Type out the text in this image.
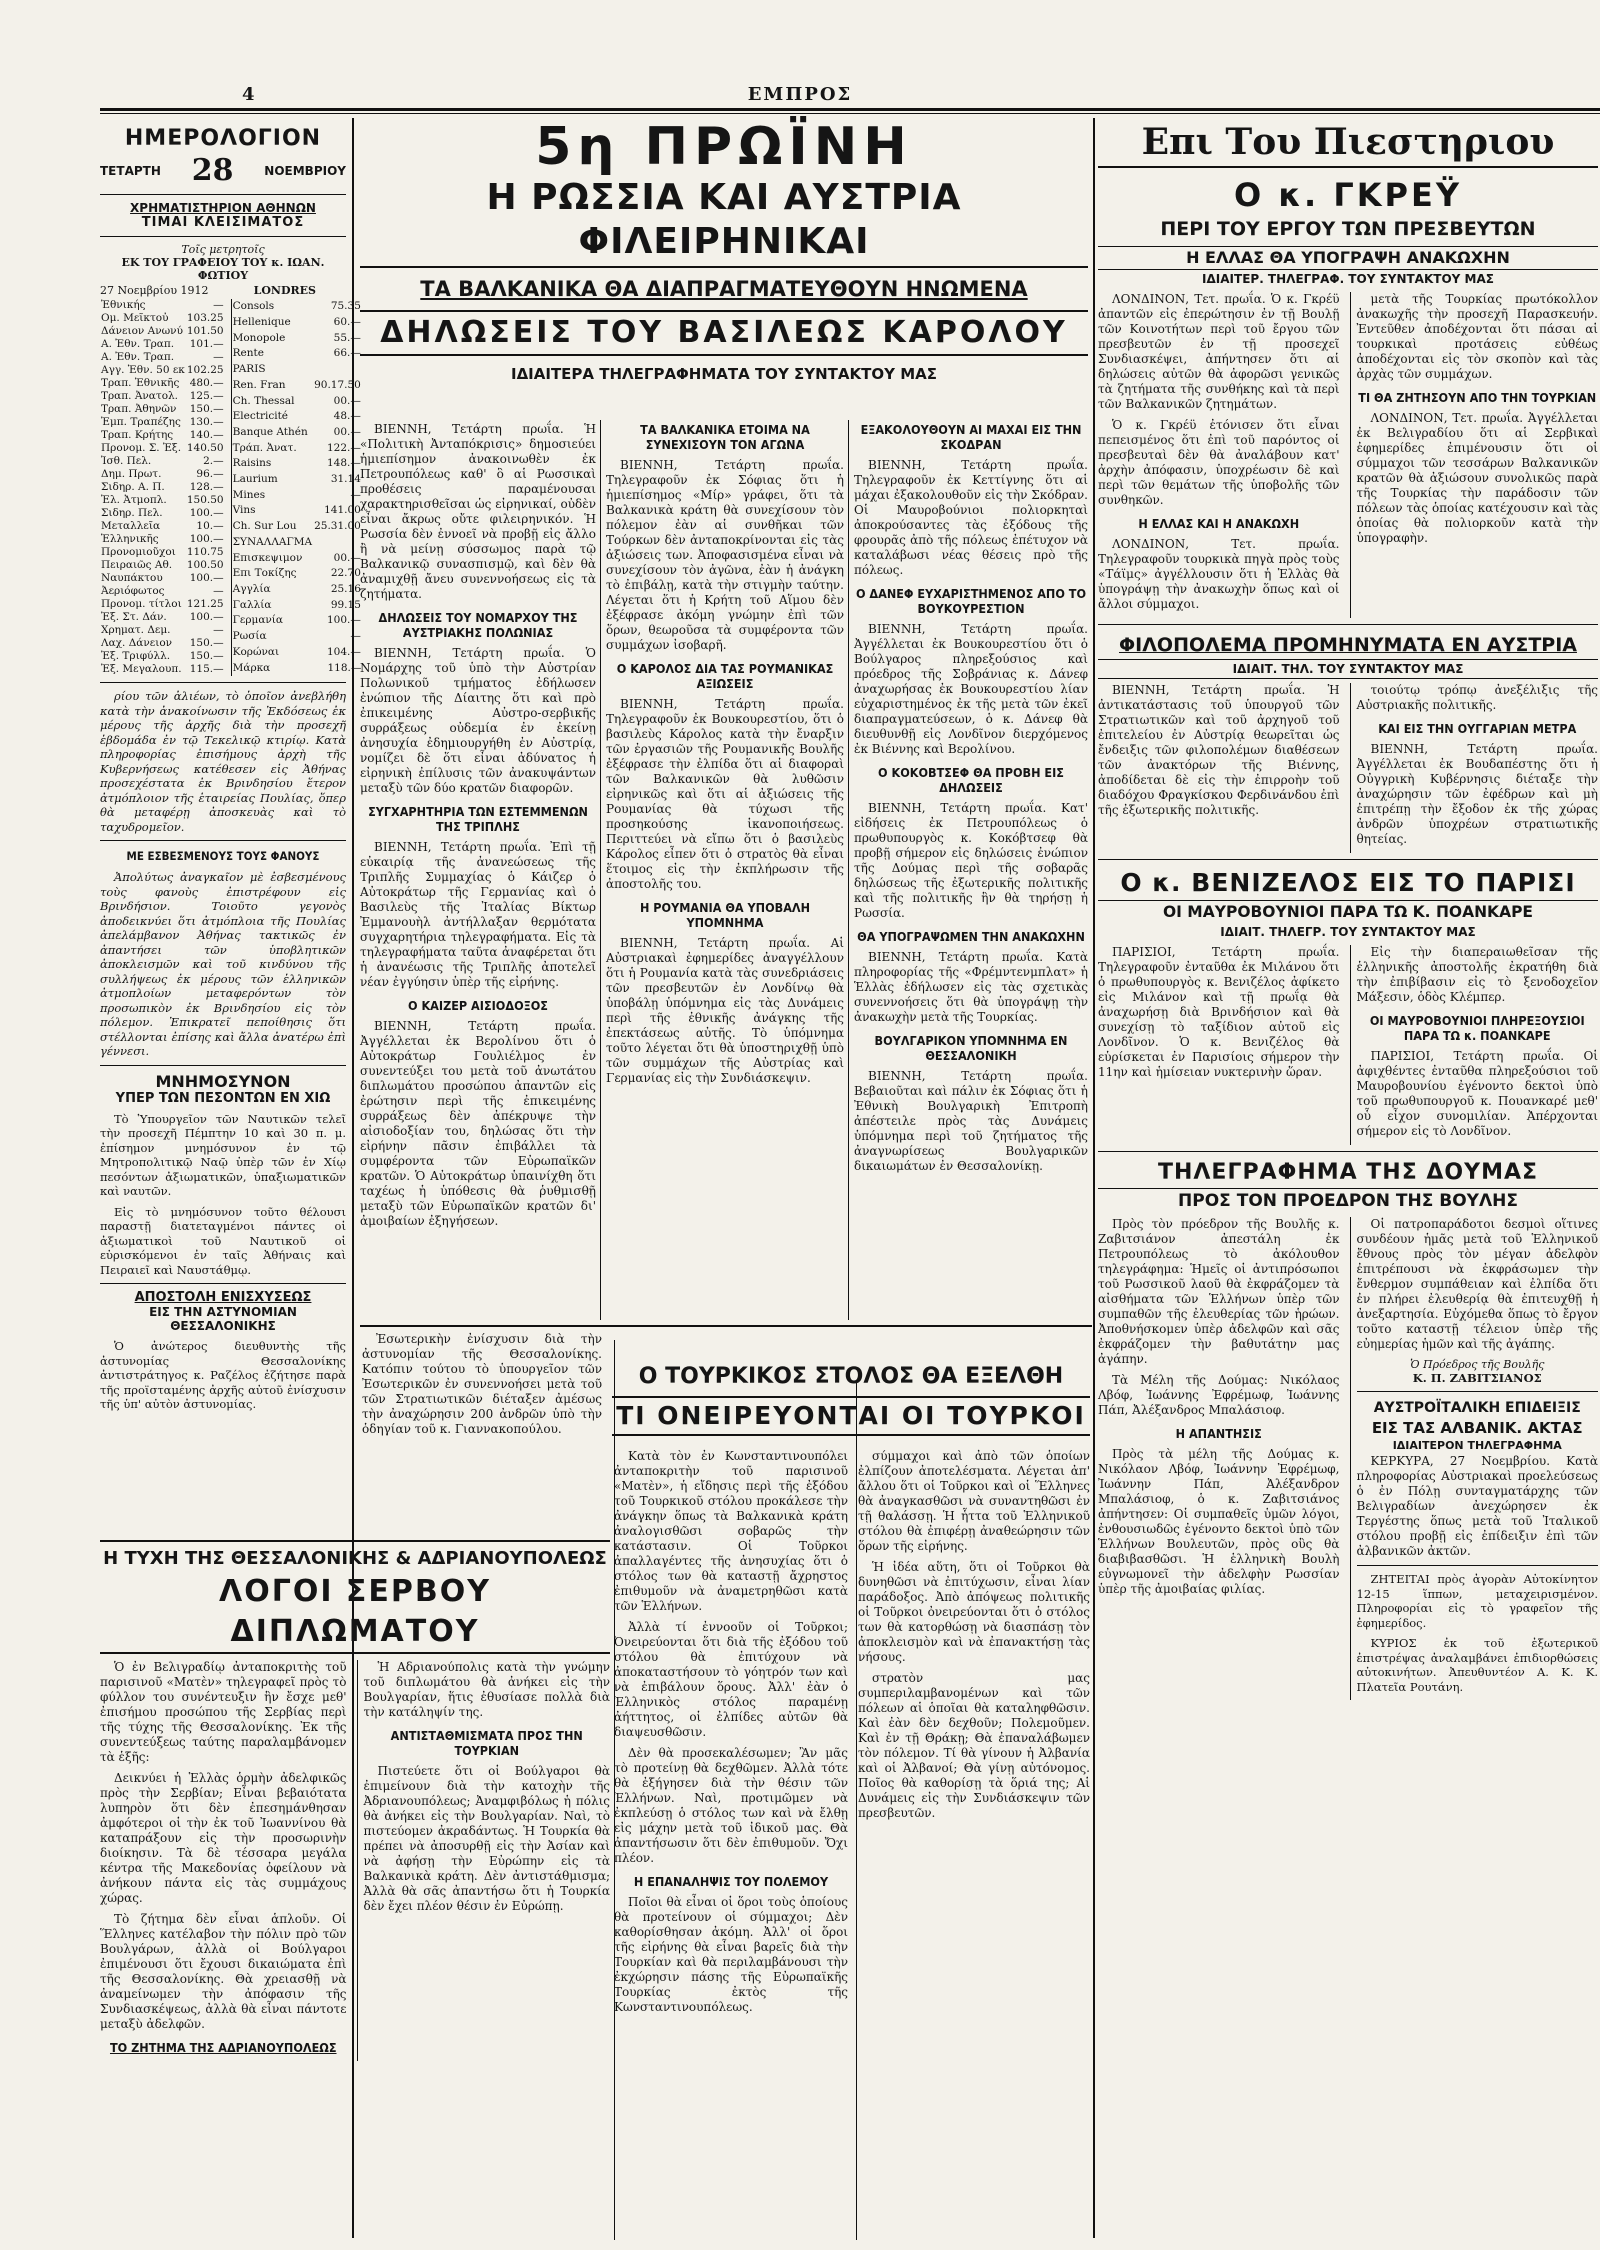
4	ΕΜΠΡΟΣ
ΗΜΕΡΟΛΟΓΙΟΝ
ΤΕΤΑΡΤΗ 28	ΝΟΕΜΒΡΙΟΥ
ΧΡΗΜΑΤΙΣΤΗΡΙΟΝ ΑΘΗΝΩΝ
ΤΙΜΑΙ ΚΛΕΙΣΙΜΑΤΟΣ
Τοῖς μετρητοῖς
ΕΚ ΤΟΥ ΓΡΑΦΕΙΟΥ ΤΟΥ κ. ΙΩΑΝ. ΦΩΤΙΟΥ
27 Νοεμβρίου 1912	LONDRES
Ἐθνικής	—
Ομ. Μεῖκτοὐ	103.25
Δάνειον Ανωνύ	101.50
Α. Ἐθν. Τραπ.	101.—
Α. Ἐθν. Τραπ.	—
Αγγ. Ἐθν. 50 εκ	102.25
Τραπ. Ἐθνικῆς	480.—
Τραπ. Ἀνατολ.	125.—
Τραπ. Ἀθηνῶν	150.—
Ἐμπ. Τραπέζης	130.—
Τραπ. Κρήτης	140.—
Προνομ. Σ. Ἐξ.	140.50
Ἰσθ. Πελ.	2.—
Δημ. Πρωτ.	96.—
Σιδηρ. Α. Π.	128.—
Ἐλ. Ἀτμοπλ.	150.50
Σιδηρ. Πελ.	100.—
Μεταλλεῖα	10.—
Ἑλληνικῆς	100.—
Προνομιοῦχοι	110.75
Πειραιῶς Αθ.	100.50
Ναυπάκτου	100.—
Ἀεριόφωτος	—
Προνομ. τίτλοι	121.25
Ἐξ. Στ. Δάν.	100.—
Χρηματ. Δεμ.	—
Λαχ. Δάνειον	150.—
Ἐξ. Τριφύλλ.	150.—
Ἐξ. Μεγαλουπ.	115.—
Consols	75.35
Hellenique	60.—
Monopole	55.—
Rente	66.—
PARIS	
Ren. Fran	90.17.50

Ch. Thessal	00.—
Electricité	48.—
Banque Athén	00.—
Τράπ. Ἀνατ.	122.—
Raisins	148.—
Laurium	31.14
Mines	—
Vins	141.00
Ch. Sur Lou	25.31.00
ΣΥΝΑΛΛΑΓΜΑ	
Επισκεψιμον	00.—
Επι Τοκίζης	22.70
Αγγλία	25.16
Γαλλία	99.15
Γερμανία	100.—
Ρωσία	—
Κορώναι	104.—
Μάρκα	118.—

ρίου τῶν ἀλιέων, τὸ ὁποῖον ἀνεβλήθη κατὰ τὴν ἀνακοίνωσιν τῆς Ἐκδόσεως ἐκ μέρους τῆς ἀρχῆς διὰ τὴν προσεχῆ ἑβδομάδα ἐν τῷ Τεκελικῷ κτιρίῳ. Κατὰ πληροφορίας ἐπισήμους ἀρχὴ τῆς Κυβερνήσεως κατέθεσεν εἰς Ἀθήνας προσεχέστατα ἐκ Βρινδησίου ἕτερον ἀτμόπλοιον τῆς ἑταιρείας Πουλίας, ὅπερ θὰ μεταφέρῃ ἀποσκευὰς καὶ τὸ ταχυδρομεῖον.

ΜΕ ΕΣΒΕΣΜΕΝΟΥΣ ΤΟΥΣ ΦΑΝΟΥΣ

Ἀπολύτως ἀναγκαῖον μὲ ἐσβεσμένους τοὺς φανοὺς ἐπιστρέφουν εἰς Βρινδήσιον. Τοιοῦτο γεγονὸς ἀποδεικνύει ὅτι ἀτμόπλοια τῆς Πουλίας ἀπελάμβανον Ἀθήνας τακτικῶς ἐν ἀπαντήσει τῶν ὑποβλητικῶν ἀποκλεισμῶν καὶ τοῦ κινδύνου τῆς συλλήψεως ἐκ μέρους τῶν ἑλληνικῶν ἀτμοπλοίων μεταφερόντων τὸν προσωπικὸν ἐκ Βρινδησίου εἰς τὸν πόλεμον. Ἐπικρατεῖ πεποίθησις ὅτι στέλλονται ἐπίσης καὶ ἄλλα ἀνατέρω ἐπὶ γέννεσι.

ΜΝΗΜΟΣΥΝΟΝ
ΥΠΕΡ ΤΩΝ ΠΕΣΟΝΤΩΝ ΕΝ ΧΙΩ

Τὸ Ὑπουργεῖον τῶν Ναυτικῶν τελεῖ τὴν προσεχῆ Πέμπτην 10 καὶ 30 π. μ. ἐπίσημον μνημόσυνον ἐν τῷ Μητροπολιτικῷ Ναῷ ὑπὲρ τῶν ἐν Χίῳ πεσόντων ἀξιωματικῶν, ὑπαξιωματικῶν καὶ ναυτῶν.

Εἰς τὸ μνημόσυνον τοῦτο θέλουσι παραστῇ διατεταγμένοι πάντες οἱ ἀξιωματικοὶ τοῦ Ναυτικοῦ οἱ εὑρισκόμενοι ἐν ταῖς Ἀθήναις καὶ Πειραιεῖ καὶ Ναυστάθμῳ.

ΑΠΟΣΤΟΛΗ ΕΝΙΣΧΥΣΕΩΣ
ΕΙΣ ΤΗΝ ΑΣΤΥΝΟΜΙΑΝ ΘΕΣΣΑΛΟΝΙΚΗΣ

Ὁ ἀνώτερος διευθυντὴς τῆς ἀστυνομίας Θεσσαλονίκης ἀντιστράτηγος κ. Ραζέλος ἐζήτησε παρὰ τῆς προϊσταμένης ἀρχῆς αὐτοῦ ἐνίσχυσιν τῆς ὑπ' αὐτὸν ἀστυνομίας.

5η ΠΡΩΪΝΗ
Η ΡΩΣΣΙΑ ΚΑΙ ΑΥΣΤΡΙΑ ΦΙΛΕΙΡΗΝΙΚΑΙ
ΤΑ ΒΑΛΚΑΝΙΚΑ ΘΑ ΔΙΑΠΡΑΓΜΑΤΕΥΘΟΥΝ ΗΝΩΜΕΝΑ
ΔΗΛΩΣΕΙΣ ΤΟΥ ΒΑΣΙΛΕΩΣ ΚΑΡΟΛΟΥ
ΙΔΙΑΙΤΕΡΑ ΤΗΛΕΓΡΑΦΗΜΑΤΑ ΤΟΥ ΣΥΝΤΑΚΤΟΥ ΜΑΣ

ΒΙΕΝΝΗ, Τετάρτη πρωΐα. Ἡ «Πολιτικὴ Ἀνταπόκρισις» δημοσιεύει ἡμιεπίσημον ἀνακοινωθὲν ἐκ Πετρουπόλεως καθ' ὃ αἱ Ρωσσικαὶ προθέσεις παραμένουσαι χαρακτηρισθεῖσαι ὡς εἰρηνικαί, οὐδὲν εἶναι ἄκρως οὔτε φιλειρηνικόν. Ἡ Ρωσσία δὲν ἐννοεῖ νὰ προβῇ εἰς ἄλλο ἢ νὰ μείνῃ σύσσωμος παρὰ τῷ Βαλκανικῷ συνασπισμῷ, καὶ δὲν θὰ ἀναμιχθῇ ἄνευ συνεννοήσεως εἰς τὰ ζητήματα.

ΔΗΛΩΣΕΙΣ ΤΟΥ ΝΟΜΑΡΧΟΥ ΤΗΣ ΑΥΣΤΡΙΑΚΗΣ ΠΟΛΩΝΙΑΣ

ΒΙΕΝΝΗ, Τετάρτη πρωΐα. Ὁ Νομάρχης τοῦ ὑπὸ τὴν Αὐστρίαν Πολωνικοῦ τμήματος ἐδήλωσεν ἐνώπιον τῆς Δίαιτης ὅτι καὶ πρὸ ἐπικειμένης Αὐστρο-σερβικῆς συρράξεως οὐδεμία ἐν ἐκείνῃ ἀνησυχία ἐδημιουργήθη ἐν Αὐστρίᾳ, νομίζει δὲ ὅτι εἶναι ἀδύνατος ἡ εἰρηνικὴ ἐπίλυσις τῶν ἀνακυψάντων μεταξὺ τῶν δύο κρατῶν διαφορῶν.

ΣΥΓΧΑΡΗΤΗΡΙΑ ΤΩΝ ΕΣΤΕΜΜΕΝΩΝ ΤΗΣ ΤΡΙΠΛΗΣ

ΒΙΕΝΝΗ, Τετάρτη πρωΐα. Ἐπὶ τῇ εὐκαιρίᾳ τῆς ἀνανεώσεως τῆς Τριπλῆς Συμμαχίας ὁ Κάιζερ ὁ Αὐτοκράτωρ τῆς Γερμανίας καὶ ὁ Βασιλεὺς τῆς Ἰταλίας Βίκτωρ Ἐμμανουὴλ ἀντήλλαξαν θερμότατα συγχαρητήρια τηλεγραφήματα. Εἰς τὰ τηλεγραφήματα ταῦτα ἀναφέρεται ὅτι ἡ ἀνανέωσις τῆς Τριπλῆς ἀποτελεῖ νέαν ἐγγύησιν ὑπὲρ τῆς εἰρήνης.

Ο ΚΑΙΖΕΡ ΑΙΣΙΟΔΟΞΟΣ

ΒΙΕΝΝΗ, Τετάρτη πρωΐα. Ἀγγέλλεται ἐκ Βερολίνου ὅτι ὁ Αὐτοκράτωρ Γουλιέλμος ἐν συνεντεύξει του μετὰ τοῦ ἀνωτάτου διπλωμάτου προσώπου ἀπαντῶν εἰς ἐρώτησιν περὶ τῆς ἐπικειμένης συρράξεως δὲν ἀπέκρυψε τὴν αἰσιοδοξίαν του, δηλώσας ὅτι τὴν εἰρήνην πᾶσιν ἐπιβάλλει τὰ συμφέροντα τῶν Εὐρωπαϊκῶν κρατῶν. Ὁ Αὐτοκράτωρ ὑπαινίχθη ὅτι ταχέως ἡ ὑπόθεσις θὰ ῥυθμισθῇ μεταξὺ τῶν Εὐρωπαϊκῶν κρατῶν δι' ἀμοιβαίων ἐξηγήσεων.

ΤΑ ΒΑΛΚΑΝΙΚΑ ΕΤΟΙΜΑ ΝΑ ΣΥΝΕΧΙΣΟΥΝ ΤΟΝ ΑΓΩΝΑ

ΒΙΕΝΝΗ, Τετάρτη πρωΐα. Τηλεγραφοῦν ἐκ Σόφιας ὅτι ἡ ἡμιεπίσημος «Μίρ» γράφει, ὅτι τὰ Βαλκανικὰ κράτη θὰ συνεχίσουν τὸν πόλεμον ἐὰν αἱ συνθῆκαι τῶν Τούρκων δὲν ἀνταποκρίνονται εἰς τὰς ἀξιώσεις των. Ἀποφασισμένα εἶναι νὰ συνεχίσουν τὸν ἀγῶνα, ἐὰν ἡ ἀνάγκη τὸ ἐπιβάλῃ, κατὰ τὴν στιγμὴν ταύτην. Λέγεται ὅτι ἡ Κρήτη τοῦ Αἵμου δὲν ἐξέφρασε ἀκόμη γνώμην ἐπὶ τῶν ὅρων, θεωροῦσα τὰ συμφέροντα τῶν συμμάχων ἰσοβαρῆ.

Ο ΚΑΡΟΛΟΣ ΔΙΑ ΤΑΣ ΡΟΥΜΑΝΙΚΑΣ ΑΞΙΩΣΕΙΣ

ΒΙΕΝΝΗ, Τετάρτη πρωΐα. Τηλεγραφοῦν ἐκ Βουκουρεστίου, ὅτι ὁ βασιλεὺς Κάρολος κατὰ τὴν ἔναρξιν τῶν ἐργασιῶν τῆς Ρουμανικῆς Βουλῆς ἐξέφρασε τὴν ἐλπίδα ὅτι αἱ διαφοραὶ τῶν Βαλκανικῶν θὰ λυθῶσιν εἰρηνικῶς καὶ ὅτι αἱ ἀξιώσεις τῆς Ρουμανίας θὰ τύχωσι τῆς προσηκούσης ἱκανοποιήσεως. Περιττεύει νὰ εἴπω ὅτι ὁ βασιλεὺς Κάρολος εἶπεν ὅτι ὁ στρατὸς θὰ εἶναι ἕτοιμος εἰς τὴν ἐκπλήρωσιν τῆς ἀποστολῆς του.

Η ΡΟΥΜΑΝΙΑ ΘΑ ΥΠΟΒΑΛΗ ΥΠΟΜΝΗΜΑ

ΒΙΕΝΝΗ, Τετάρτη πρωΐα. Αἱ Αὐστριακαὶ ἐφημερίδες ἀναγγέλλουν ὅτι ἡ Ρουμανία κατὰ τὰς συνεδριάσεις τῶν πρεσβευτῶν ἐν Λονδίνῳ θὰ ὑποβάλῃ ὑπόμνημα εἰς τὰς Δυνάμεις περὶ τῆς ἐθνικῆς ἀνάγκης τῆς ἐπεκτάσεως αὐτῆς. Τὸ ὑπόμνημα τοῦτο λέγεται ὅτι θὰ ὑποστηριχθῇ ὑπὸ τῶν συμμάχων τῆς Αὐστρίας καὶ Γερμανίας εἰς τὴν Συνδιάσκεψιν.

ΕΞΑΚΟΛΟΥΘΟΥΝ ΑΙ ΜΑΧΑΙ ΕΙΣ ΤΗΝ ΣΚΟΔΡΑΝ

ΒΙΕΝΝΗ, Τετάρτη πρωΐα. Τηλεγραφοῦν ἐκ Κεττίγνης ὅτι αἱ μάχαι ἐξακολουθοῦν εἰς τὴν Σκόδραν. Οἱ Μαυροβούνιοι πολιορκηταὶ ἀποκρούσαντες τὰς ἐξόδους τῆς φρουρᾶς ἀπὸ τῆς πόλεως ἐπέτυχον νὰ καταλάβωσι νέας θέσεις πρὸ τῆς πόλεως.

Ο ΔΑΝΕΦ ΕΥΧΑΡΙΣΤΗΜΕΝΟΣ ΑΠΟ ΤΟ ΒΟΥΚΟΥΡΕΣΤΙΟΝ

ΒΙΕΝΝΗ, Τετάρτη πρωΐα. Ἀγγέλλεται ἐκ Βουκουρεστίου ὅτι ὁ Βούλγαρος πληρεξούσιος καὶ πρόεδρος τῆς Σοβράνιας κ. Δάνεφ ἀναχωρήσας ἐκ Βουκουρεστίου λίαν εὐχαριστημένος ἐκ τῆς μετὰ τῶν ἐκεῖ διαπραγματεύσεων, ὁ κ. Δάνεφ θὰ διευθυνθῇ εἰς Λονδῖνον διερχόμενος ἐκ Βιέννης καὶ Βερολίνου.

Ο ΚΟΚΟΒΤΣΕΦ ΘΑ ΠΡΟΒΗ ΕΙΣ ΔΗΛΩΣΕΙΣ

ΒΙΕΝΝΗ, Τετάρτη πρωΐα. Κατ' εἰδήσεις ἐκ Πετρουπόλεως ὁ πρωθυπουργὸς κ. Κοκόβτσεφ θὰ προβῇ σήμερον εἰς δηλώσεις ἐνώπιον τῆς Δούμας περὶ τῆς σοβαρᾶς δηλώσεως τῆς ἐξωτερικῆς πολιτικῆς καὶ τῆς πολιτικῆς ἣν θὰ τηρήσῃ ἡ Ρωσσία.

ΘΑ ΥΠΟΓΡΑΨΩΜΕΝ ΤΗΝ ΑΝΑΚΩΧΗΝ

ΒΙΕΝΝΗ, Τετάρτη πρωΐα. Κατὰ πληροφορίας τῆς «Φρέμντενμπλατ» ἡ Ἑλλὰς ἐδήλωσεν εἰς τὰς σχετικὰς συνεννοήσεις ὅτι θὰ ὑπογράψῃ τὴν ἀνακωχὴν μετὰ τῆς Τουρκίας.

ΒΟΥΛΓΑΡΙΚΟΝ ΥΠΟΜΝΗΜΑ ΕΝ ΘΕΣΣΑΛΟΝΙΚΗ

ΒΙΕΝΝΗ, Τετάρτη πρωΐα. Βεβαιοῦται καὶ πάλιν ἐκ Σόφιας ὅτι ἡ Ἐθνικὴ Βουλγαρικὴ Ἐπιτροπὴ ἀπέστειλε πρὸς τὰς Δυνάμεις ὑπόμνημα περὶ τοῦ ζητήματος τῆς ἀναγνωρίσεως Βουλγαρικῶν δικαιωμάτων ἐν Θεσσαλονίκῃ.

Η ΤΥΧΗ ΤΗΣ ΘΕΣΣΑΛΟΝΙΚΗΣ & ΑΔΡΙΑΝΟΥΠΟΛΕΩΣ
ΛΟΓΟΙ ΣΕΡΒΟΥ ΔΙΠΛΩΜΑΤΟΥ

Ὁ ἐν Βελιγραδίῳ ἀνταποκριτὴς τοῦ παρισινοῦ «Ματὲν» τηλεγραφεῖ πρὸς τὸ φύλλον του συνέντευξιν ἣν ἔσχε μεθ' ἐπισήμου προσώπου τῆς Σερβίας περὶ τῆς τύχης τῆς Θεσσαλονίκης. Ἐκ τῆς συνεντεύξεως ταύτης παραλαμβάνομεν τὰ ἑξῆς:

Δεικνύει ἡ Ἑλλὰς ὁρμὴν ἀδελφικῶς πρὸς τὴν Σερβίαν; Εἶναι βεβαιότατα λυπηρὸν ὅτι δὲν ἐπεσημάνθησαν ἀμφότεροι οἱ τὴν ἐκ τοῦ Ἰωαννίνου θὰ καταπράξουν εἰς τὴν προσωρινὴν διοίκησιν. Τὰ δὲ τέσσαρα μεγάλα κέντρα τῆς Μακεδονίας ὀφείλουν νὰ ἀνήκουν πάντα εἰς τὰς συμμάχους χώρας.

Τὸ ζήτημα δὲν εἶναι ἁπλοῦν. Οἱ Ἕλληνες κατέλαβον τὴν πόλιν πρὸ τῶν Βουλγάρων, ἀλλὰ οἱ Βούλγαροι ἐπιμένουσι ὅτι ἔχουσι δικαιώματα ἐπὶ τῆς Θεσσαλονίκης. Θὰ χρειασθῇ νὰ ἀναμείνωμεν τὴν ἀπόφασιν τῆς Συνδιασκέψεως, ἀλλὰ θὰ εἶναι πάντοτε μεταξὺ ἀδελφῶν.

ΤΟ ΖΗΤΗΜΑ ΤΗΣ ΑΔΡΙΑΝΟΥΠΟΛΕΩΣ

Ἡ Αδριανούπολις κατὰ τὴν γνώμην τοῦ διπλωμάτου θὰ ἀνήκει εἰς τὴν Βουλγαρίαν, ἥτις ἐθυσίασε πολλὰ διὰ τὴν κατάληψίν της.

ΑΝΤΙΣΤΑΘΜΙΣΜΑΤΑ ΠΡΟΣ ΤΗΝ ΤΟΥΡΚΙΑΝ

Πιστεύετε ὅτι οἱ Βούλγαροι θὰ ἐπιμείνουν διὰ τὴν κατοχὴν τῆς Ἀδριανουπόλεως; Ἀναμφιβόλως ἡ πόλις θὰ ἀνήκει εἰς τὴν Βουλγαρίαν. Ναὶ, τὸ πιστεύομεν ἀκραδάντως. Ἡ Τουρκία θὰ πρέπει νὰ ἀποσυρθῇ εἰς τὴν Ἀσίαν καὶ νὰ ἀφήσῃ τὴν Εὐρώπην εἰς τὰ Βαλκανικὰ κράτη. Δὲν ἀντιστάθμισμα; Ἀλλὰ θὰ σᾶς ἀπαντήσω ὅτι ἡ Τουρκία δὲν ἔχει πλέον θέσιν ἐν Εὐρώπῃ.

Ἐσωτερικὴν ἐνίσχυσιν διὰ τὴν ἀστυνομίαν τῆς Θεσσαλονίκης. Κατόπιν τούτου τὸ ὑπουργεῖον τῶν Ἐσωτερικῶν ἐν συνεννοήσει μετὰ τοῦ τῶν Στρατιωτικῶν διέταξεν ἀμέσως τὴν ἀναχώρησιν 200 ἀνδρῶν ὑπὸ τὴν ὁδηγίαν τοῦ κ. Γιαννακοπούλου.

Ο ΤΟΥΡΚΙΚΟΣ ΣΤΟΛΟΣ ΘΑ ΕΞΕΛΘΗ
ΤΙ ΟΝΕΙΡΕΥΟΝΤΑΙ ΟΙ ΤΟΥΡΚΟΙ

Κατὰ τὸν ἐν Κωνσταντινουπόλει ἀνταποκριτὴν τοῦ παρισινοῦ «Ματὲν», ἡ εἴδησις περὶ τῆς ἐξόδου τοῦ Τουρκικοῦ στόλου προκάλεσε τὴν ἀνάγκην ὅπως τὰ Βαλκανικὰ κράτη ἀναλογισθῶσι σοβαρῶς τὴν κατάστασιν. Οἱ Τοῦρκοι ἀπαλλαγέντες τῆς ἀνησυχίας ὅτι ὁ στόλος των θὰ καταστῇ ἄχρηστος ἐπιθυμοῦν νὰ ἀναμετρηθῶσι κατὰ τῶν Ἑλλήνων.

Ἀλλὰ τί ἐννοοῦν οἱ Τοῦρκοι; Ὀνειρεύονται ὅτι διὰ τῆς ἐξόδου τοῦ στόλου θὰ ἐπιτύχουν νὰ ἀποκαταστήσουν τὸ γόητρόν των καὶ νὰ ἐπιβάλουν ὅρους. Ἀλλ' ἐὰν ὁ Ἑλληνικὸς στόλος παραμένῃ ἀήττητος, οἱ ἐλπίδες αὐτῶν θὰ διαψευσθῶσιν.

Δὲν θὰ προσεκαλέσωμεν; Ἂν μᾶς τὸ προτείνῃ θὰ δεχθῶμεν. Ἀλλὰ τότε θὰ ἐξήγησεν διὰ τὴν θέσιν τῶν Ἑλλήνων. Ναὶ, προτιμῶμεν νὰ ἐκπλεύσῃ ὁ στόλος των καὶ νὰ ἔλθῃ εἰς μάχην μετὰ τοῦ ἰδικοῦ μας. Θὰ ἀπαντήσωσιν ὅτι δὲν ἐπιθυμοῦν. Ὄχι πλέον.

Η ΕΠΑΝΑΛΗΨΙΣ ΤΟΥ ΠΟΛΕΜΟΥ

Ποῖοι θὰ εἶναι οἱ ὅροι τοὺς ὁποίους θὰ προτείνουν οἱ σύμμαχοι; Δὲν καθορίσθησαν ἀκόμη. Ἀλλ' οἱ ὅροι τῆς εἰρήνης θὰ εἶναι βαρεῖς διὰ τὴν Τουρκίαν καὶ θὰ περιλαμβάνουσι τὴν ἐκχώρησιν πάσης τῆς Εὐρωπαϊκῆς Τουρκίας ἐκτὸς τῆς Κωνσταντινουπόλεως.

σύμμαχοι καὶ ἀπὸ τῶν ὁποίων ἐλπίζουν ἀποτελέσματα. Λέγεται ἀπ' ἄλλου ὅτι οἱ Τοῦρκοι καὶ οἱ Ἕλληνες θὰ ἀναγκασθῶσι νὰ συναντηθῶσι ἐν τῇ θαλάσσῃ. Ἡ ἧττα τοῦ Ἑλληνικοῦ στόλου θὰ ἐπιφέρῃ ἀναθεώρησιν τῶν ὅρων τῆς εἰρήνης.

Ἡ ἰδέα αὕτη, ὅτι οἱ Τοῦρκοι θὰ δυνηθῶσι νὰ ἐπιτύχωσιν, εἶναι λίαν παράδοξος. Ἀπὸ ἀπόψεως πολιτικῆς οἱ Τοῦρκοι ὀνειρεύονται ὅτι ὁ στόλος των θὰ κατορθώσῃ νὰ διασπάσῃ τὸν ἀποκλεισμὸν καὶ νὰ ἐπανακτήσῃ τὰς νήσους.

στρατὸν μας συμπεριλαμβανομένων καὶ τῶν πόλεων αἱ ὁποῖαι θὰ καταληφθῶσιν. Καὶ ἐὰν δὲν δεχθοῦν; Πολεμοῦμεν. Καὶ ἐν τῇ Θράκῃ; Θὰ ἐπαναλάβωμεν τὸν πόλεμον. Τί θὰ γίνουν ἡ Ἀλβανία καὶ οἱ Ἀλβανοί; Θὰ γίνῃ αὐτόνομος. Ποῖος θὰ καθορίσῃ τὰ ὅριά της; Αἱ Δυνάμεις εἰς τὴν Συνδιάσκεψιν τῶν πρεσβευτῶν.

Επι Του Πιεστηριου
Ο κ. ΓΚΡΕΫ
ΠΕΡΙ ΤΟΥ ΕΡΓΟΥ ΤΩΝ ΠΡΕΣΒΕΥΤΩΝ
Η ΕΛΛΑΣ ΘΑ ΥΠΟΓΡΑΨΗ ΑΝΑΚΩΧΗΝ
ΙΔΙΑΙΤΕΡ. ΤΗΛΕΓΡΑΦ. ΤΟΥ ΣΥΝΤΑΚΤΟΥ ΜΑΣ

ΛΟΝΔΙΝΟΝ, Τετ. πρωΐα. Ὁ κ. Γκρέϋ ἀπαντῶν εἰς ἐπερώτησιν ἐν τῇ Βουλῇ τῶν Κοινοτήτων περὶ τοῦ ἔργου τῶν πρεσβευτῶν ἐν τῇ προσεχεῖ Συνδιασκέψει, ἀπήντησεν ὅτι αἱ δηλώσεις αὐτῶν θὰ ἀφορῶσι γενικῶς τὰ ζητήματα τῆς συνθήκης καὶ τὰ περὶ τῶν Βαλκανικῶν ζητημάτων.

Ὁ κ. Γκρέϋ ἐτόνισεν ὅτι εἶναι πεπεισμένος ὅτι ἐπὶ τοῦ παρόντος οἱ πρεσβευταὶ δὲν θὰ ἀναλάβουν κατ' ἀρχὴν ἀπόφασιν, ὑποχρέωσιν δὲ καὶ περὶ τῶν θεμάτων τῆς ὑποβολῆς τῶν συνθηκῶν.

Η ΕΛΛΑΣ ΚΑΙ Η ΑΝΑΚΩΧΗ

ΛΟΝΔΙΝΟΝ, Τετ. πρωΐα. Τηλεγραφοῦν τουρκικὰ πηγὰ πρὸς τοὺς «Τάϊμς» ἀγγέλλουσιν ὅτι ἡ Ἑλλὰς θὰ ὑπογράψῃ τὴν ἀνακωχὴν ὅπως καὶ οἱ ἄλλοι σύμμαχοι.

μετὰ τῆς Τουρκίας πρωτόκολλον ἀνακωχῆς τὴν προσεχῆ Παρασκευήν. Ἐντεῦθεν ἀποδέχονται ὅτι πάσαι αἱ τουρκικαὶ προτάσεις εὐθέως ἀποδέχονται εἰς τὸν σκοπὸν καὶ τὰς ἀρχὰς τῶν συμμάχων.

ΤΙ ΘΑ ΖΗΤΗΣΟΥΝ ΑΠΟ ΤΗΝ ΤΟΥΡΚΙΑΝ

ΛΟΝΔΙΝΟΝ, Τετ. πρωΐα. Ἀγγέλλεται ἐκ Βελιγραδίου ὅτι αἱ Σερβικαὶ ἐφημερίδες ἐπιμένουσιν ὅτι οἱ σύμμαχοι τῶν τεσσάρων Βαλκανικῶν κρατῶν θὰ ἀξιώσουν συνολικῶς παρὰ τῆς Τουρκίας τὴν παράδοσιν τῶν πόλεων τὰς ὁποίας κατέχουσιν καὶ τὰς ὁποίας θὰ πολιορκοῦν κατὰ τὴν ὑπογραφὴν.

ΦΙΛΟΠΟΛΕΜΑ ΠΡΟΜΗΝΥΜΑΤΑ ΕΝ ΑΥΣΤΡΙΑ
ΙΔΙΑΙΤ. ΤΗΛ. ΤΟΥ ΣΥΝΤΑΚΤΟΥ ΜΑΣ

ΒΙΕΝΝΗ, Τετάρτη πρωΐα. Ἡ ἀντικατάστασις τοῦ ὑπουργοῦ τῶν Στρατιωτικῶν καὶ τοῦ ἀρχηγοῦ τοῦ ἐπιτελείου ἐν Αὐστρίᾳ θεωρεῖται ὡς ἔνδειξις τῶν φιλοπολέμων διαθέσεων τῶν ἀνακτόρων τῆς Βιέννης, ἀποδίδεται δὲ εἰς τὴν ἐπιρροὴν τοῦ διαδόχου Φραγκίσκου Φερδινάνδου ἐπὶ τῆς ἐξωτερικῆς πολιτικῆς.

τοιούτῳ τρόπῳ ἀνεξέλιξις τῆς Αὐστριακῆς πολιτικῆς.

ΚΑΙ ΕΙΣ ΤΗΝ ΟΥΓΓΑΡΙΑΝ ΜΕΤΡΑ

ΒΙΕΝΝΗ, Τετάρτη πρωΐα. Ἀγγέλλεται ἐκ Βουδαπέστης ὅτι ἡ Οὐγγρικὴ Κυβέρνησις διέταξε τὴν ἀναχώρησιν τῶν ἐφέδρων καὶ μὴ ἐπιτρέπῃ τὴν ἔξοδον ἐκ τῆς χώρας ἀνδρῶν ὑποχρέων στρατιωτικῆς θητείας.

Ο κ. ΒΕΝΙΖΕΛΟΣ ΕΙΣ ΤΟ ΠΑΡΙΣΙ
ΟΙ ΜΑΥΡΟΒΟΥΝΙΟΙ ΠΑΡΑ ΤΩ Κ. ΠΟΑΝΚΑΡΕ
ΙΔΙΑΙΤ. ΤΗΛΕΓΡ. ΤΟΥ ΣΥΝΤΑΚΤΟΥ ΜΑΣ

ΠΑΡΙΣΙΟΙ, Τετάρτη πρωΐα. Τηλεγραφοῦν ἐνταῦθα ἐκ Μιλάνου ὅτι ὁ πρωθυπουργὸς κ. Βενιζέλος ἀφίκετο εἰς Μιλάνον καὶ τῇ πρωΐᾳ θὰ ἀναχωρήσῃ διὰ Βρινδήσιον καὶ θὰ συνεχίσῃ τὸ ταξίδιον αὐτοῦ εἰς Λονδῖνον. Ὁ κ. Βενιζέλος θὰ εὑρίσκεται ἐν Παρισίοις σήμερον τὴν 11ην καὶ ἡμίσειαν νυκτερινὴν ὥραν.

Εἰς τὴν διαπεραιωθεῖσαν τῆς ἑλληνικῆς ἀποστολῆς ἐκρατήθη διὰ τὴν ἐπιβίβασιν εἰς τὸ ξενοδοχεῖον Μάξεσιν, ὁδὸς Κλέμπερ.

ΟΙ ΜΑΥΡΟΒΟΥΝΙΟΙ ΠΛΗΡΕΞΟΥΣΙΟΙ ΠΑΡΑ ΤΩ κ. ΠΟΑΝΚΑΡΕ

ΠΑΡΙΣΙΟΙ, Τετάρτη πρωΐα. Οἱ ἀφιχθέντες ἐνταῦθα πληρεξούσιοι τοῦ Μαυροβουνίου ἐγένοντο δεκτοὶ ὑπὸ τοῦ πρωθυπουργοῦ κ. Πουανκαρέ μεθ' οὗ εἶχον συνομιλίαν. Ἀπέρχονται σήμερον εἰς τὸ Λονδῖνον.

ΤΗΛΕΓΡΑΦΗΜΑ ΤΗΣ ΔΟΥΜΑΣ
ΠΡΟΣ ΤΟΝ ΠΡΟΕΔΡΟΝ ΤΗΣ ΒΟΥΛΗΣ

Πρὸς τὸν πρόεδρον τῆς Βουλῆς κ. Ζαβιτσιάνον ἀπεστάλη ἐκ Πετρουπόλεως τὸ ἀκόλουθον τηλεγράφημα: Ἡμεῖς οἱ ἀντιπρόσωποι τοῦ Ρωσσικοῦ λαοῦ θὰ ἐκφράζομεν τὰ αἰσθήματα τῶν Ἑλλήνων ὑπὲρ τῶν συμπαθῶν τῆς ἐλευθερίας τῶν ἡρώων. Ἀποθνήσκομεν ὑπὲρ ἀδελφῶν καὶ σᾶς ἐκφράζομεν τὴν βαθυτάτην μας ἀγάπην.

Τὰ Μέλη τῆς Δούμας: Νικόλαος Λβόφ, Ἰωάννης Ἐφρέμωφ, Ἰωάννης Πάπ, Ἀλέξανδρος Μπαλάσιοφ.

Η ΑΠΑΝΤΗΣΙΣ

Πρὸς τὰ μέλη τῆς Δούμας κ. Νικόλαον Λβόφ, Ἰωάννην Ἐφρέμωφ, Ἰωάννην Πάπ, Ἀλέξανδρον Μπαλάσιοφ, ὁ κ. Ζαβιτσιάνος ἀπήντησεν: Οἱ συμπαθεῖς ὑμῶν λόγοι, ἐνθουσιωδῶς ἐγένοντο δεκτοὶ ὑπὸ τῶν Ἑλλήνων Βουλευτῶν, πρὸς οὓς θὰ διαβιβασθῶσι. Ἡ ἑλληνικὴ Βουλὴ εὐγνωμονεῖ τὴν ἀδελφὴν Ρωσσίαν ὑπὲρ τῆς ἀμοιβαίας φιλίας.

Οἱ πατροπαράδοτοι δεσμοὶ οἵτινες συνδέουν ἡμᾶς μετὰ τοῦ Ἑλληνικοῦ ἔθνους πρὸς τὸν μέγαν ἀδελφὸν ἐπιτρέπουσι νὰ ἐκφράσωμεν τὴν ἔνθερμον συμπάθειαν καὶ ἐλπίδα ὅτι ἐν πλήρει ἐλευθερίᾳ θὰ ἐπιτευχθῇ ἡ ἀνεξαρτησία. Εὐχόμεθα ὅπως τὸ ἔργον τοῦτο καταστῇ τέλειον ὑπὲρ τῆς εὐημερίας ἡμῶν καὶ τῆς ἀγάπης.

Ὁ Πρόεδρος τῆς Βουλῆς
Κ. Π. ΖΑΒΙΤΣΙΑΝΟΣ
ΑΥΣΤΡΟΪΤΑΛΙΚΗ ΕΠΙΔΕΙΞΙΣ
ΕΙΣ ΤΑΣ ΑΛΒΑΝΙΚ. ΑΚΤΑΣ
ΙΔΙΑΙΤΕΡΟΝ ΤΗΛΕΓΡΑΦΗΜΑ

ΚΕΡΚΥΡΑ, 27 Νοεμβρίου. Κατὰ πληροφορίας Αὐστριακαὶ προελεύσεως ὁ ἐν Πόλῃ συνταγματάρχης τῶν Βελιγραδίων ἀνεχώρησεν ἐκ Τεργέστης ὅπως μετὰ τοῦ Ἰταλικοῦ στόλου προβῇ εἰς ἐπίδειξιν ἐπὶ τῶν ἀλβανικῶν ἀκτῶν.

ΖΗΤΕΙΤΑΙ πρὸς ἀγορὰν Αὐτοκίνητον 12-15 ἵππων, μεταχειρισμένον. Πληροφορίαι εἰς τὸ γραφεῖον τῆς ἐφημερίδος.

ΚΥΡΙΟΣ ἐκ τοῦ ἐξωτερικοῦ ἐπιστρέψας ἀναλαμβάνει ἐπιδιορθώσεις αὐτοκινήτων. Ἀπευθυντέον Α. Κ. Κ. Πλατεῖα Ρουτάνη.
